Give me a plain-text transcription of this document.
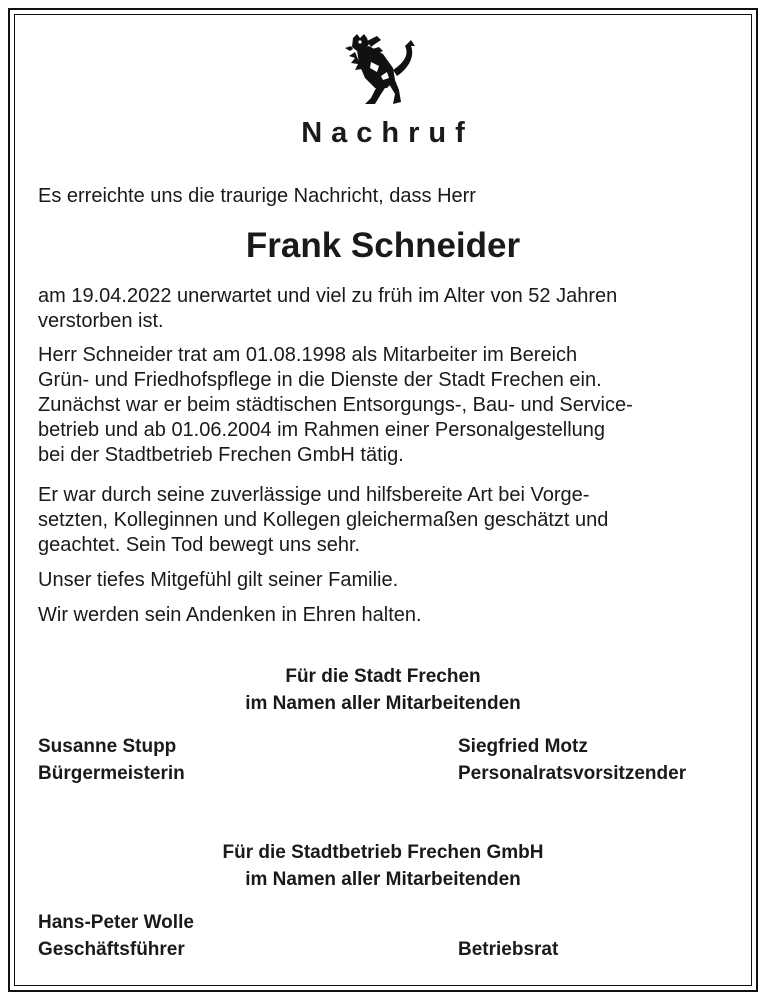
Nachruf
Es erreichte uns die traurige Nachricht, dass Herr
Frank Schneider
am 19.04.2022 unerwartet und viel zu früh im Alter von 52 Jahren
verstorben ist.
Herr Schneider trat am 01.08.1998 als Mitarbeiter im Bereich
Grün- und Friedhofspflege in die Dienste der Stadt Frechen ein.
Zunächst war er beim städtischen Entsorgungs-, Bau- und Service-
betrieb und ab 01.06.2004 im Rahmen einer Personalgestellung
bei der Stadtbetrieb Frechen GmbH tätig.
Er war durch seine zuverlässige und hilfsbereite Art bei Vorge-
setzten, Kolleginnen und Kollegen gleichermaßen geschätzt und
geachtet. Sein Tod bewegt uns sehr.
Unser tiefes Mitgefühl gilt seiner Familie.
Wir werden sein Andenken in Ehren halten.
Für die Stadt Frechen
im Namen aller Mitarbeitenden
Susanne Stupp
Bürgermeisterin
Siegfried Motz
Personalratsvorsitzender
Für die Stadtbetrieb Frechen GmbH
im Namen aller Mitarbeitenden
Hans-Peter Wolle
Geschäftsführer	Betriebsrat
